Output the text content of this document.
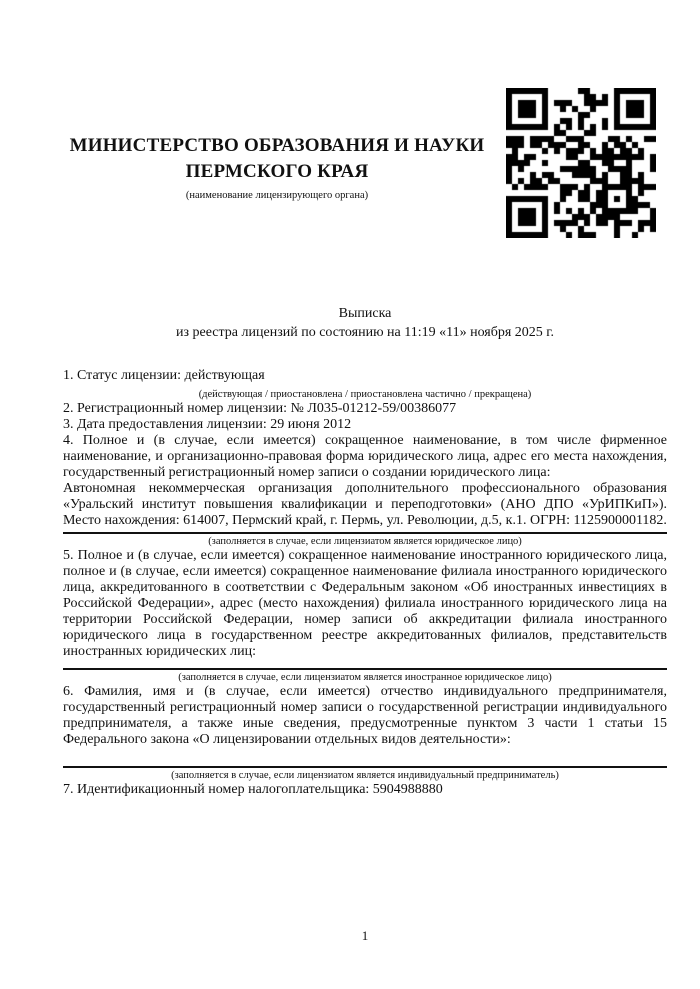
МИНИСТЕРСТВО ОБРАЗОВАНИЯ И НАУКИ ПЕРМСКОГО КРАЯ
(наименование лицензирующего органа)
Выписка
из реестра лицензий по состоянию на 11:19 «11» ноября 2025 г.

1. Статус лицензии: действующая

(действующая / приостановлена / приостановлена частично / прекращена)

2. Регистрационный номер лицензии: № Л035-01212-59/00386077

3. Дата предоставления лицензии: 29 июня 2012

4. Полное и (в случае, если имеется) сокращенное наименование, в том числе фирменное наименование, и организационно-правовая форма юридического лица, адрес его места нахождения, государственный регистрационный номер записи о создании юридического лица:

Автономная некоммерческая организация дополнительного профессионального образования «Уральский институт повышения квалификации и переподготовки» (АНО ДПО «УрИПКиП»). Место нахождения: 614007, Пермский край, г. Пермь, ул. Революции, д.5, к.1. ОГРН: 1125900001182.

(заполняется в случае, если лицензиатом является юридическое лицо)

5. Полное и (в случае, если имеется) сокращенное наименование иностранного юридического лица, полное и (в случае, если имеется) сокращенное наименование филиала иностранного юридического лица, аккредитованного в соответствии с Федеральным законом «Об иностранных инвестициях в Российской Федерации», адрес (место нахождения) филиала иностранного юридического лица на территории Российской Федерации, номер записи об аккредитации филиала иностранного юридического лица в государственном реестре аккредитованных филиалов, представительств иностранных юридических лиц:

(заполняется в случае, если лицензиатом является иностранное юридическое лицо)

6. Фамилия, имя и (в случае, если имеется) отчество индивидуального предпринимателя, государственный регистрационный номер записи о государственной регистрации индивидуального предпринимателя, а также иные сведения, предусмотренные пунктом 3 части 1 статьи 15 Федерального закона «О лицензировании отдельных видов деятельности»:

(заполняется в случае, если лицензиатом является индивидуальный предприниматель)

7. Идентификационный номер налогоплательщика: 5904988880

1
